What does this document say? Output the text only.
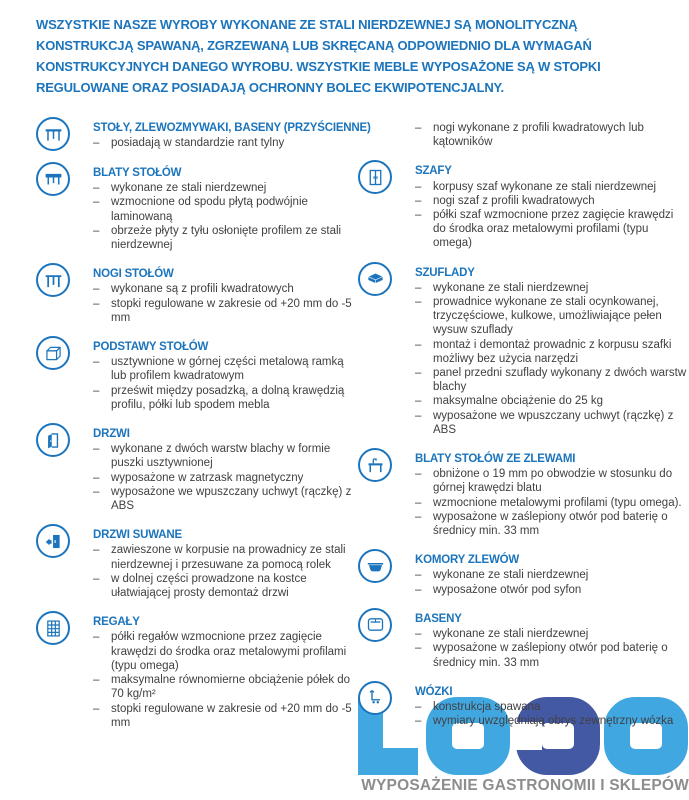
WSZYSTKIE NASZE WYROBY WYKONANE ZE STALI NIERDZEWNEJ SĄ MONOLITYCZNĄ KONSTRUKCJĄ SPAWANĄ, ZGRZEWANĄ LUB SKRĘCANĄ ODPOWIEDNIO DLA WYMAGAŃ KONSTRUKCYJNYCH DANEGO WYROBU. WSZYSTKIE MEBLE WYPOSAŻONE SĄ W STOPKI REGULOWANE ORAZ POSIADAJĄ OCHRONNY BOLEC EKWIPOTENCJALNY.

STOŁY, ZLEWOZMYWAKI, BASENY (PRZYŚCIENNE)
–	posiadają w standardzie rant tylny
BLATY STOŁÓW
–	wykonane ze stali nierdzewnej
–	wzmocnione od spodu płytą podwójnie laminowaną
–	obrzeże płyty z tyłu osłonięte profilem ze stali nierdzewnej
NOGI STOŁÓW
–	wykonane są z profili kwadratowych
–	stopki regulowane w zakresie od +20 mm do -5 mm
PODSTAWY STOŁÓW
–	usztywnione w górnej części metalową ramką lub profilem kwadratowym
–	prześwit między posadzką, a dolną krawędzią profilu, półki lub spodem mebla
DRZWI
–	wykonane z dwóch warstw blachy w formie puszki usztywnionej
–	wyposażone w zatrzask magnetyczny
–	wyposażone we wpuszczany uchwyt (rączkę) z ABS
DRZWI SUWANE
–	zawieszone w korpusie na prowadnicy ze stali nierdzewnej i przesuwane za pomocą rolek
–	w dolnej części prowadzone na kostce ułatwiającej prosty demontaż drzwi
REGAŁY
–	półki regałów wzmocnione przez zagięcie krawędzi do środka oraz metalowymi profilami (typu omega)
–	maksymalne równomierne obciążenie półek do 70 kg/m²
–	stopki regulowane w zakresie od +20 mm do -5 mm
–	nogi wykonane z profili kwadratowych lub kątowników
SZAFY
–	korpusy szaf wykonane ze stali nierdzewnej
–	nogi szaf z profili kwadratowych
–	półki szaf wzmocnione przez zagięcie krawędzi do środka oraz metalowymi profilami (typu omega)
SZUFLADY
–	wykonane ze stali nierdzewnej
–	prowadnice wykonane ze stali ocynkowanej, trzyczęściowe, kulkowe, umożliwiające pełen wysuw szuflady
–	montaż i demontaż prowadnic z korpusu szafki możliwy bez użycia narzędzi
–	panel przedni szuflady wykonany z dwóch warstw blachy
–	maksymalne obciążenie do 25 kg
–	wyposażone we wpuszczany uchwyt (rączkę) z ABS
BLATY STOŁÓW ZE ZLEWAMI
–	obniżone o 19 mm po obwodzie w stosunku do górnej krawędzi blatu
–	wzmocnione metalowymi profilami (typu omega).
–	wyposażone w zaślepiony otwór pod baterię o średnicy min. 33 mm
KOMORY ZLEWÓW
–	wykonane ze stali nierdzewnej
–	wyposażone otwór pod syfon
BASENY
–	wykonane ze stali nierdzewnej
–	wyposażone w zaślepiony otwór pod baterię o średnicy min. 33 mm
WÓZKI
–	konstrukcja spawana
–	wymiary uwzględniają obrys zewnętrzny wózka
WYPOSAŻENIE GASTRONOMII I SKLEPÓW
